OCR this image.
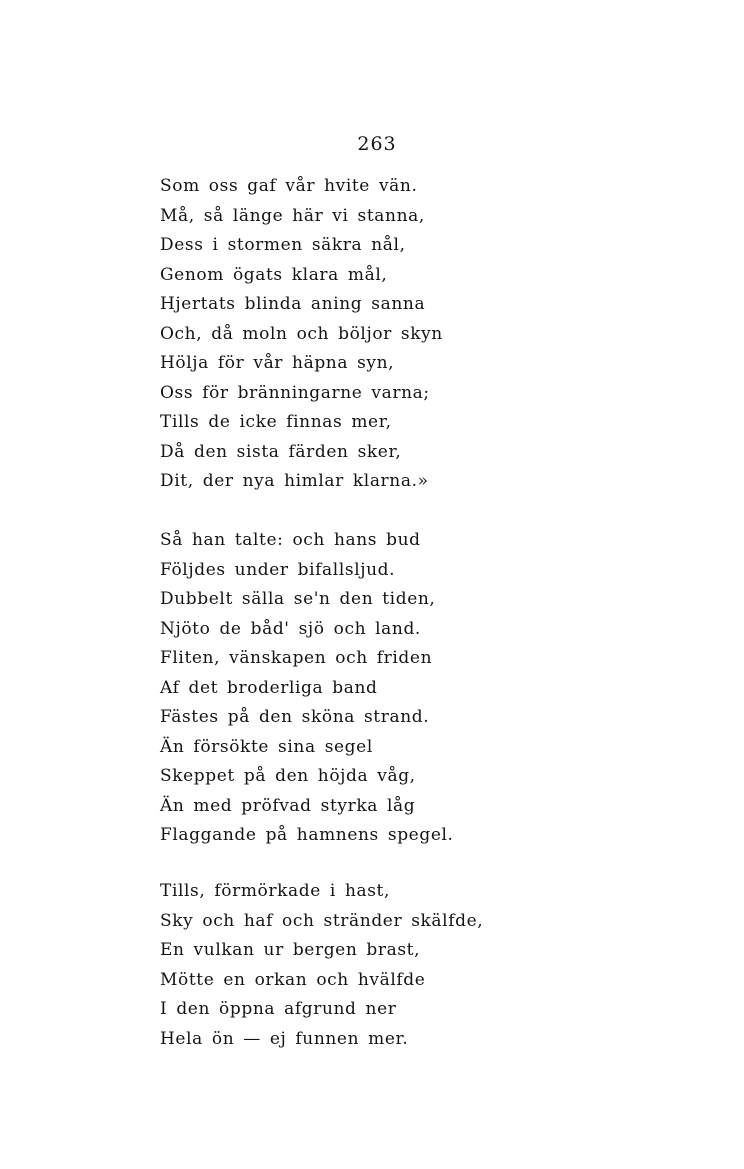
263
Som oss gaf vår hvite vän.
Må, så länge här vi stanna,
Dess i stormen säkra nål,
Genom ögats klara mål,
Hjertats blinda aning sanna
Och, då moln och böljor skyn
Hölja för vår häpna syn,
Oss för bränningarne varna;
Tills de icke finnas mer,
Då den sista färden sker,
Dit, der nya himlar klarna.»
Så han talte: och hans bud
Följdes under bifallsljud.
Dubbelt sälla se'n den tiden,
Njöto de båd' sjö och land.
Fliten, vänskapen och friden
Af det broderliga band
Fästes på den sköna strand.
Än försökte sina segel
Skeppet på den höjda våg,
Än med pröfvad styrka låg
Flaggande på hamnens spegel.
Tills, förmörkade i hast,
Sky och haf och stränder skälfde,
En vulkan ur bergen brast,
Mötte en orkan och hvälfde
I den öppna afgrund ner
Hela ön — ej funnen mer.
